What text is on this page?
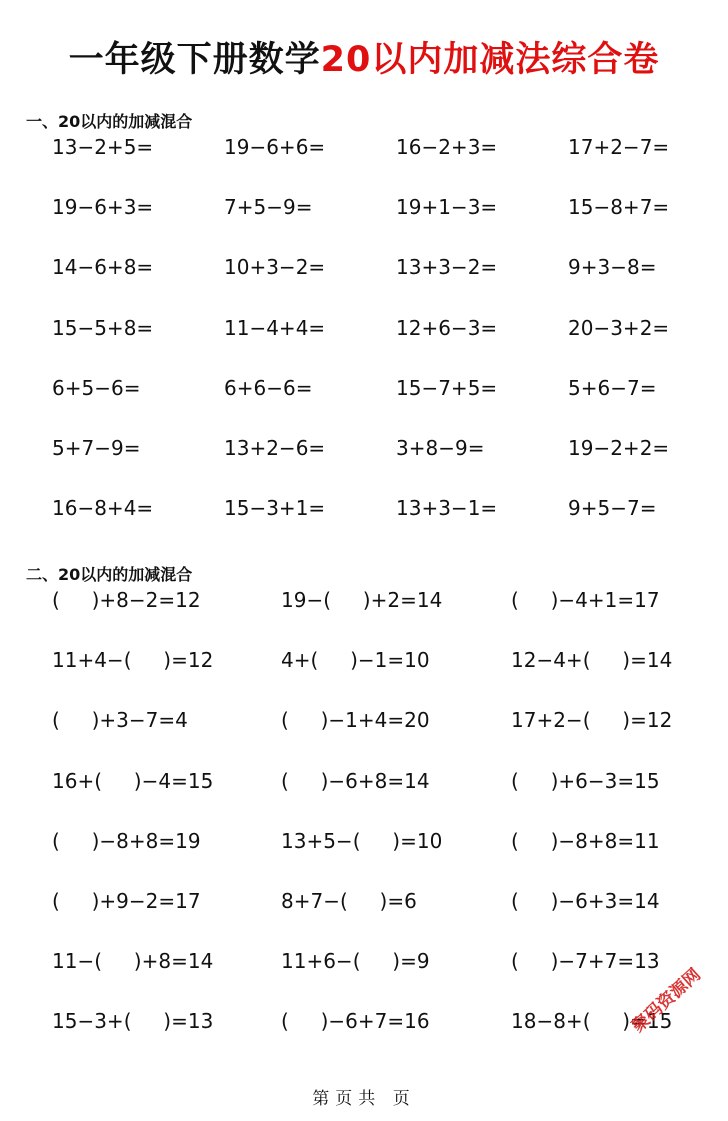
一年级下册数学20以内加减法综合卷
一、20以内的加减混合
13−2+5=	19−6+6=	16−2+3=	17+2−7=
19−6+3=	7+5−9=	19+1−3=	15−8+7=
14−6+8=	10+3−2=	13+3−2=	9+3−8=
15−5+8=	11−4+4=	12+6−3=	20−3+2=
6+5−6=	6+6−6=	15−7+5=	5+6−7=
5+7−9=	13+2−6=	3+8−9=	19−2+2=
16−8+4=	15−3+1=	13+3−1=	9+5−7=
二、20以内的加减混合
(     )+8−2=12	19−(     )+2=14	(     )−4+1=17
11+4−(     )=12	4+(     )−1=10	12−4+(     )=14
(     )+3−7=4	(     )−1+4=20	17+2−(     )=12
16+(     )−4=15	(     )−6+8=14	(     )+6−3=15
(     )−8+8=19	13+5−(     )=10	(     )−8+8=11
(     )+9−2=17	8+7−(     )=6	(     )−6+3=14
11−(     )+8=14	11+6−(     )=9	(     )−7+7=13
15−3+(     )=13	(     )−6+7=16	18−8+(     )=15
第页共 页
聚码资源网
